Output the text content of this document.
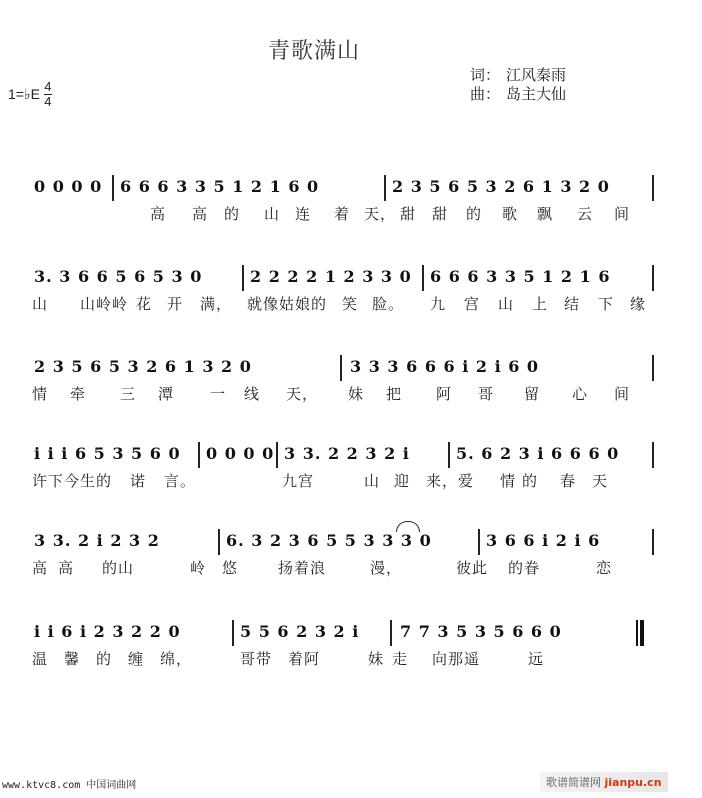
青歌满山
1=♭E 4
4
词： 江风秦雨
曲： 岛主大仙
0 0 0 0 6 6 6 3 3 5 1 2 1 6 0	2 3 5 6 5 3 2 6 1 3 2 0
高 高 的 山 连 着 天， 甜 甜 的 歌 飘 云 间
3. 3 6 6 5 6 5 3 0	2 2 2 2 1 2 3 3 0 6 6 6 3 3 5 1 2 1 6
山 山岭岭 花 开 满， 就像姑娘的 笑 脸。 九 宫 山 上 结 下 缘
2 3 5 6 5 3 2 6 1 3 2 0	3 3 3 6 6 6 i 2 i 6 0
情 牵 三 潭 一 线 天， 妹 把 阿 哥 留 心 间
i i i 6 5 3 5 6 0 0 0 0 0 3 3. 2 2 3 2 i	5. 6 2 3 i 6 6 6 0
许下今生的 诺 言。	九宫	山 迎 来，爱 情 的 春 天
3 3. 2 i 2 3 2	6. 3 2 3 6 5 5 3 3 3 0	3 6 6 i 2 i 6
高 高 的山	岭 悠	扬着浪	漫，	彼此 的眷	恋
i i 6 i 2 3 2 2 0	5 5 6 2 3 2 i	7 7 3 5 3 5 6 6 0
温 馨 的 缠 绵，	哥带 着阿	妹 走 向那遥	远
www.ktvc8.com 中国词曲网	歌谱简谱网 jianpu.cn
